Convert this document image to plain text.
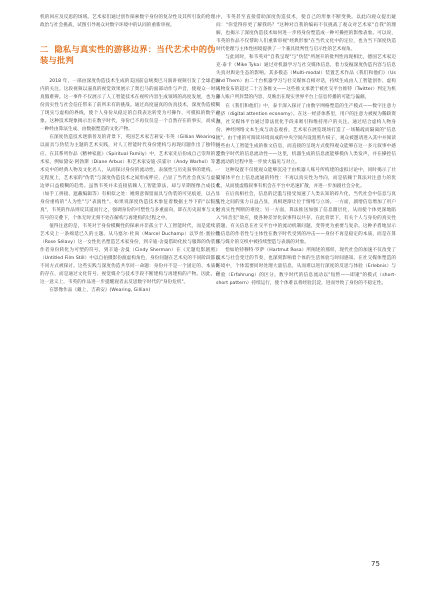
机的回应及反思的场域。艺术家们通过创作探索数字身份的复杂性及其所引发的伦理、政治与社会挑战，试图引导观众对数字环境中的认同的重新审视。

二 隐私与真实性的游移边界：当代艺术中的伪装与批判

2018 年，一部由深度伪造技术生成的美国前总统奥巴马演讲视频引发了全球范围内的关注。这段视频以逼真的视觉效果展示了奥巴马的面部动作与声音，使观众一时间真假难辨。这一事件不仅展示了人工智能技术在视听内容生成领域的高度发展，也为身份真实性与社会信任带来了前所未有的挑战。通过高度逼真的仿真技术，深度伪造模糊了现实与虚构的界线，使个人身份从稳定的自我表达转变为可操作、可模拟的数字对象。这种技术现象揭示出在数字时代，身份已不再仅仅是一个自然存在的事实，而成为一种经由算法生成、由数据塑造的文化产物。

在深度伪造技术逐渐普及的背景下，英国艺术家吉莉安·韦英（Gillian Wearing）以面具与伪装为主题的艺术实践，对人工智能时代身份建构与再现问题作出了独特回应。在其系列作品《精神家庭》（Spiritual Family）中，艺术家先后扮成自己崇拜的艺术家，例如黛安·阿勃斯（Diane Arbus）和艺术家安迪·沃霍尔（Andy Warhol）等艺术史中的经典人物及文化名人，从而探讨身份的流动性、表演性与历史叙事的建构。一定程度上，艺术家的"伪装"与深度伪造技术之间形成呼应，凸显了当代社会真实与虚拟边界日益模糊的趋势。虽然韦英并未直接依赖人工智能算法，却与早期图像合成技术（如手工拼接、遮蔽编辑等）有相似之处：她刻意保留面具与伪装的可见痕迹，以凸显身份重构的"人为性"与"表演性"。如果说深度伪造技术象征着数据主导下的"以假乱真"，韦英的作品则反其道而行之，强调身份的可塑性与多重面向，即在历史叙事与文化符号的交叠下，个体无时无刻不处在解构与再建构的过程之中。

值得注意的是，韦英对于身份模糊性的探索并非孤立于人工智能时代，而是延续了艺术史上一条绵延已久的主题。从马塞尔·杜尚（Marcel Duchamp）以罗丝·塞拉维（Rose Sélavy）这一女性化名塑造艺术家身份，到辛迪·舍曼借助化妆与服饰的伪装将作者身份转化为可塑的符号，到辛迪·舍曼（Cindy Sherman）在《无题电影剧照》（Untitled Film Still）中以自拍摄影扮演虚构角色，身份问题在艺术史的不同阶段都以不同方式被探讨。这些实践与深度伪造共享同一命题：身份并不是一个固定的、本质化的存在，而是通过文化符号、视觉媒介与技术手段不断建构与再建构的产物。因此，在这一意义上，韦英的作品进一步提醒观者去反思数字时代的"身份危机"。

在影像作品《戴上，吉莉安》(Wearing, Gillian)

中，韦英甚至直接借助深度伪造技术，使自己的形象不断变换。以此向观众提出疑问："你觉得你更了解我吗？"这种对自我的编码不仅挑战了观众对艺术家"自我"的理解，也揭示了深度伪造技术如何进一步将身份塑造成一种可操控的影像表象。可以说，韦英的作品不仅帮助人们重新审视"经典形象"在当代文化中的定位，也为当下深度伪造时代伦理与主体性困境提供了一个兼具批判性与启示性的艺术视角。

与此同时，和韦英对"自我呈现"与"伪装"所展开的批判性再现相比，德国艺术家迈克·泰卡（Mike Tyka）通过对机器学习与社交媒体信息，着力发掘深度伪造内容与信息失真对舆论生态的影响。其多模态（Multi-modal）装置艺术作品《我们和他们》（Us and Them）由二十台机器学习与社交媒体自相对话，持续生成由人工智能创作、虚构人物发布的超过二十万条推文——这些推文承袭于被社交平台推特（Twitter）判定为机器人账户所封禁的内容，反映出在现实世界平台上信息传播的可能与偏颇。

在《我们和他们》中，泰卡深入探讨了由数字网格塑造的生产模式——数字注意力经济（digital attention economy）。在这一经济体系里，用户的注意力被视为稀缺资源，社交媒体平台通过算法优化手段来吸引和维持用户的关注。通过结合虚构人物身份、神经网络文本生成与动态观看，艺术家在展览现场打造了一场稀疏而隔离的"信息流"。由于重的可阅读环境而成的中央空间内设置照片棂子，观众被邀请进入其中并阅读这些由人工智能生成的推文信息，而直接的呈现方式使得观众能够在这一多元叙事中感受数字时代的信息流动性——这里，机器生成的信息流能够模仿人类发声，并在操控信息流动的过程中进一步放大偏见与对立。

这种设置不仅使观众能够沉浸于由机器人账号所构建的虚拟讨论中，同时揭示了社交媒体平台上信息流通的特性：不再以真实性为导向，而是依赖于算法对注意力的优化，从而使虚假叙事有机会在平台中迅速扩散，并进一步加剧社会分化。

在后真相社会，信息的泛滥与接受加速了人类认知的碎片化，当代社会中信息与真实性之间的张力日益凸显，真相逐渐让位于情绪与立场。一方面，剧增信息增加了用户对真实性判断的难度；另一方面，算法推送加强了信息圈层化，从而使个体更深地陷入"回音室"效应，使各种差异化叙事得以共存。在此背景下，有关个人与身份的真实性问题、有关信息在社交平台中的流动机制问题，变得更为重要与复杂。这种矛盾地显示出信息的作者性与主体性在数字时代受到的冲击——身份不再是稳定的本质，而是在算法与媒介的交织中被持续塑造与表演的对象。

恰如哈特穆特·罗萨（Hartmut Rosa）所阐述的那样，现代社会的加速不仅改变了技术与社会变迁的节奏，也深刻影响着个体的生活体验与时间感知。在社交媒体塑造的环境中，个体需要同时处理大量信息，从而难以进行深度的反思与体验（Erlebnis）与经验（Erfahrung）的区分。数字时代的信息流动以"短暂——即逝"的模式（short-short pattern）持续运行，使个体难以将经验沉淀，进而导致了身份的不稳定性。

75
